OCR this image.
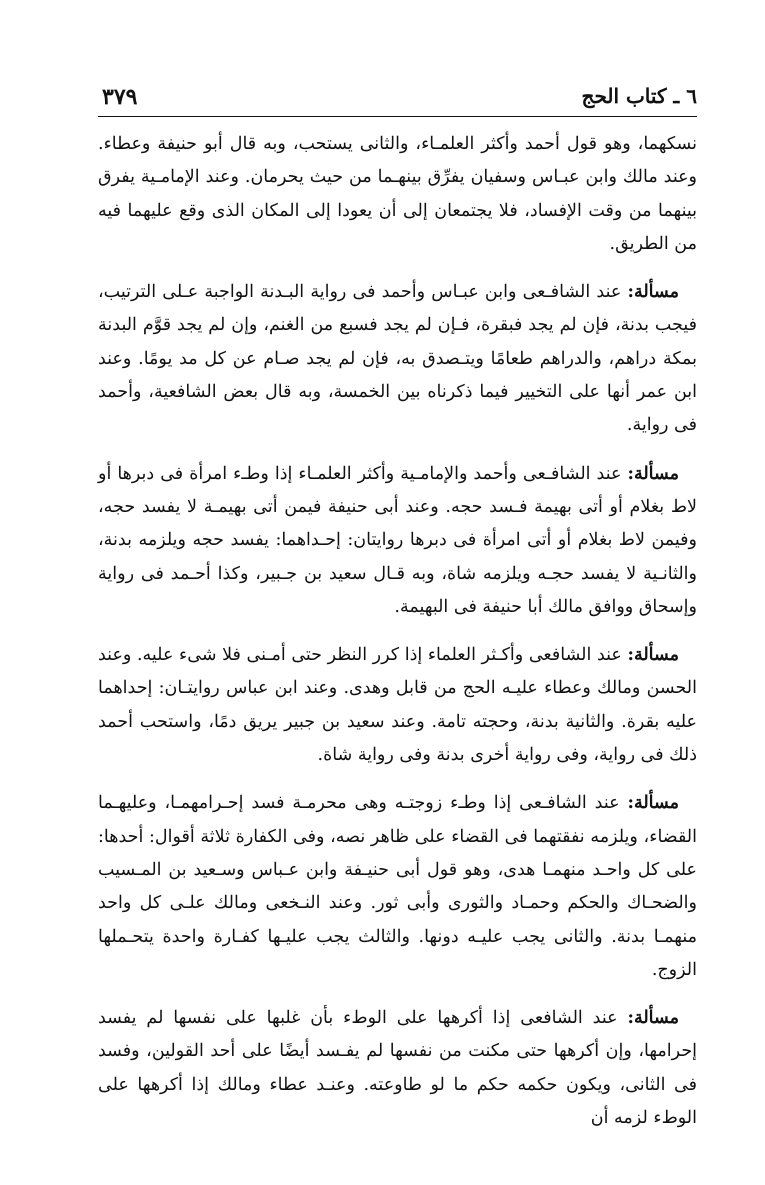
٦ ـ كتاب الحج
٣٧٩

نسكهما، وهو قول أحمد وأكثر العلمـاء، والثانى يستحب، وبه قال أبو حنيفة وعطاء. وعند مالك وابن عبـاس وسفيان يفرِّق بينهـما من حيث يحرمان. وعند الإمامـية يفرق بينهما من وقت الإفساد، فلا يجتمعان إلى أن يعودا إلى المكان الذى وقع عليهما فيه من الطريق.

مسألة: عند الشافـعى وابن عبـاس وأحمد فى رواية البـدنة الواجبة عـلى الترتيب، فيجب بدنة، فإن لم يجد فبقرة، فـإن لم يجد فسبع من الغنم، وإن لم يجد قوَّم البدنة بمكة دراهم، والدراهم طعامًا ويتـصدق به، فإن لم يجد صـام عن كل مد يومًا. وعند ابن عمر أنها على التخيير فيما ذكرناه بين الخمسة، وبه قال بعض الشافعية، وأحمد فى رواية.

مسألة: عند الشافـعى وأحمد والإمامـية وأكثر العلمـاء إذا وطـء امرأة فى دبرها أو لاط بغلام أو أتى بهيمة فـسد حجه. وعند أبى حنيفة فيمن أتى بهيمـة لا يفسد حجه، وفيمن لاط بغلام أو أتى امرأة فى دبرها روايتان: إحـداهما: يفسد حجه ويلزمه بدنة، والثانـية لا يفسد حجـه ويلزمه شاة، وبه قـال سعيد بن جـبير، وكذا أحـمد فى رواية وإسحاق ووافق مالك أبا حنيفة فى البهيمة.

مسألة: عند الشافعى وأكـثر العلماء إذا كرر النظر حتى أمـنى فلا شىء عليه. وعند الحسن ومالك وعطاء عليـه الحج من قابل وهدى. وعند ابن عباس روايتـان: إحداهما عليه بقرة. والثانية بدنة، وحجته تامة. وعند سعيد بن جبير يريق دمًا، واستحب أحمد ذلك فى رواية، وفى رواية أخرى بدنة وفى رواية شاة.

مسألة: عند الشافـعى إذا وطـء زوجتـه وهى محرمـة فسد إحـرامهمـا، وعليهـما القضاء، ويلزمه نفقتهما فى القضاء على ظاهر نصه، وفى الكفارة ثلاثة أقوال: أحدها: على كل واحـد منهمـا هدى، وهو قول أبى حنيـفة وابن عـباس وسـعيد بن المـسيب والضحـاك والحكم وحمـاد والثورى وأبى ثور. وعند النـخعى ومالك علـى كل واحد منهمـا بدنة. والثانى يجب عليـه دونها. والثالث يجب عليـها كفـارة واحدة يتحـملها الزوج.

مسألة: عند الشافعى إذا أكرهها على الوطء بأن غلبها على نفسها لم يفسد إحرامها، وإن أكرهها حتى مكنت من نفسها لم يفـسد أيضًا على أحد القولين، وفسد فى الثانى، ويكون حكمه حكم ما لو طاوعته. وعنـد عطاء ومالك إذا أكرهها على الوطء لزمه أن
